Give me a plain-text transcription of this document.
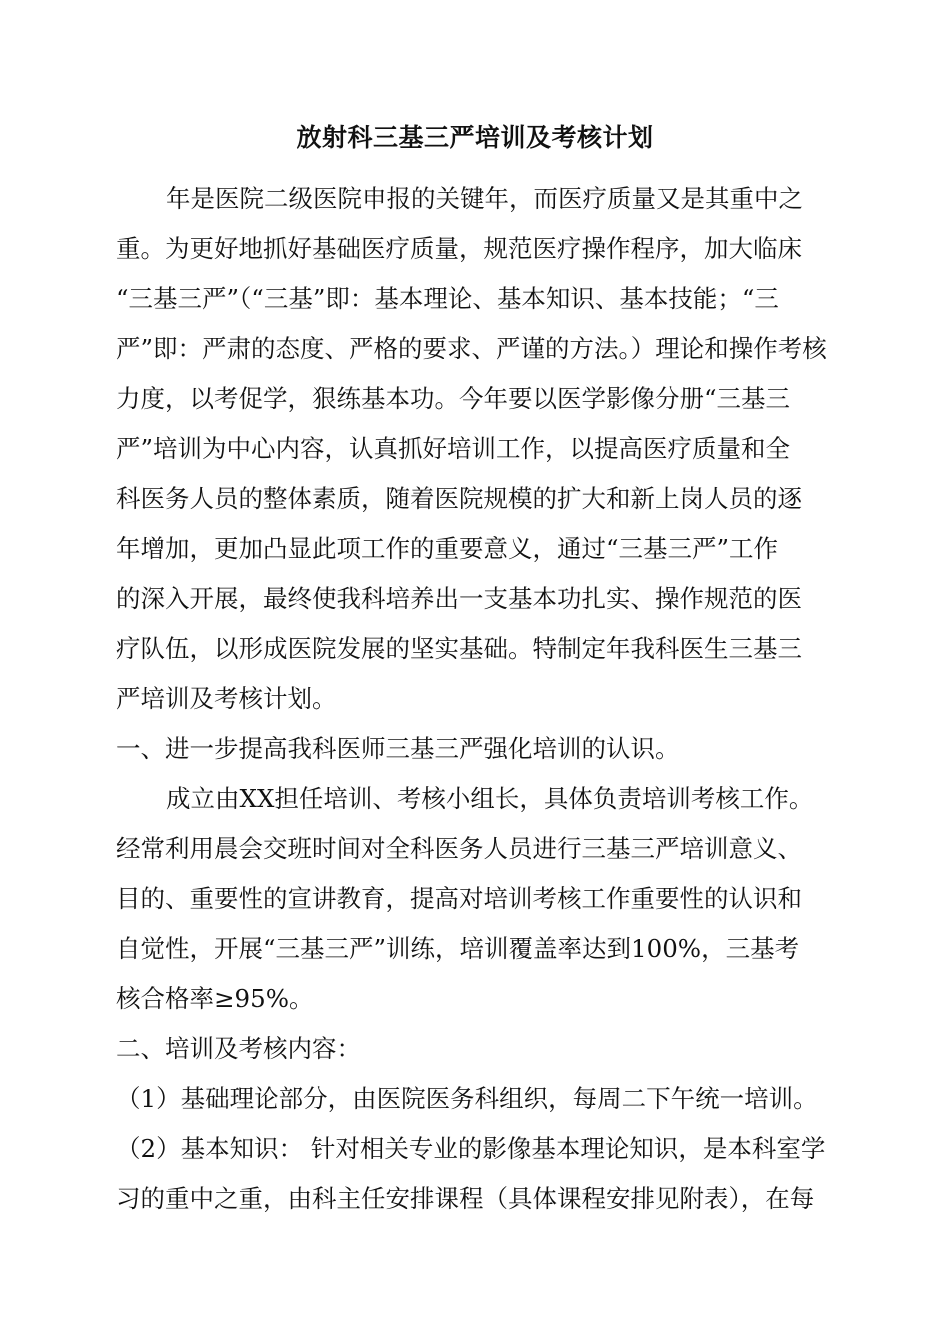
放射科三基三严培训及考核计划
年是医院二级医院申报的关键年，而医疗质量又是其重中之
重。为更好地抓好基础医疗质量，规范医疗操作程序，加大临床
“三基三严”（“三基”即：基本理论、基本知识、基本技能；“三
严”即：严肃的态度、严格的要求、严谨的方法。）理论和操作考核
力度，以考促学，狠练基本功。今年要以医学影像分册“三基三
严”培训为中心内容，认真抓好培训工作，以提高医疗质量和全
科医务人员的整体素质，随着医院规模的扩大和新上岗人员的逐
年增加，更加凸显此项工作的重要意义，通过“三基三严”工作
的深入开展，最终使我科培养出一支基本功扎实、操作规范的医
疗队伍，以形成医院发展的坚实基础。特制定年我科医生三基三
严培训及考核计划。
一、进一步提高我科医师三基三严强化培训的认识。
成立由XX担任培训、考核小组长，具体负责培训考核工作。
经常利用晨会交班时间对全科医务人员进行三基三严培训意义、
目的、重要性的宣讲教育，提高对培训考核工作重要性的认识和
自觉性，开展“三基三严”训练，培训覆盖率达到100%，三基考
核合格率≥95%。
二、培训及考核内容：
（1）基础理论部分，由医院医务科组织，每周二下午统一培训。
（2）基本知识： 针对相关专业的影像基本理论知识，是本科室学
习的重中之重，由科主任安排课程（具体课程安排见附表），在每
